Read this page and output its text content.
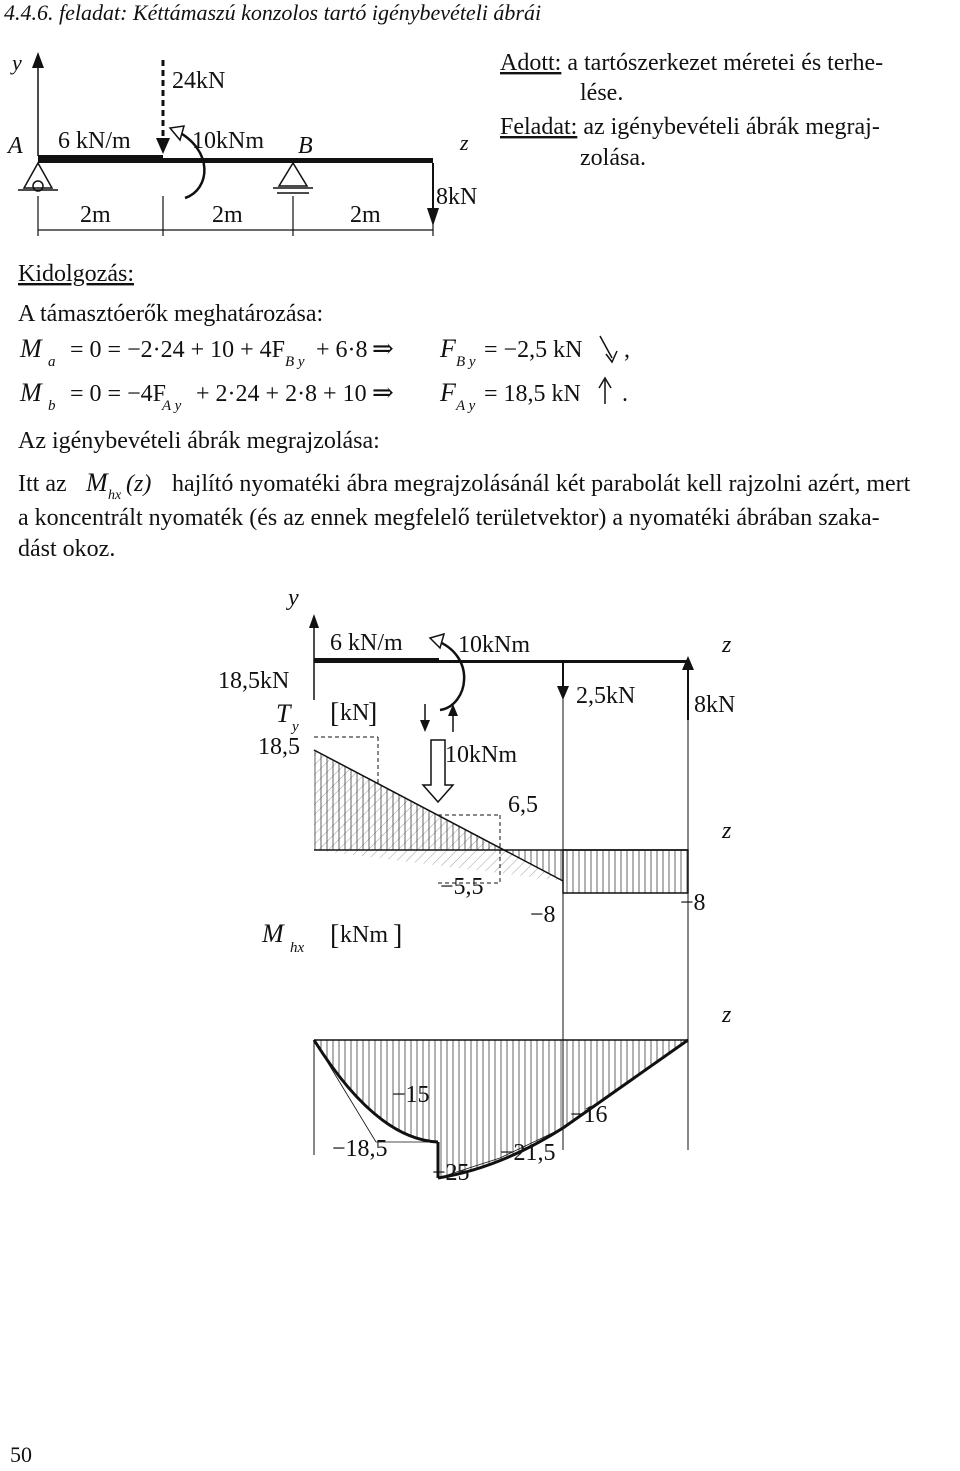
4.4.6. feladat: Kéttámaszú konzolos tartó igénybevételi ábrái
y
A 6 kN/m
24kN
10kNm B	z
8kN
2m	2m	2m
Adott: a tartószerkezet méretei és terhe-
lése.
Feladat: az igénybevételi ábrák megraj-
zolása.
Kidolgozás:
A támasztóerők meghatározása:
M a = 0 = −2·24 + 10 + 4F B y + 6·8 ⇒ F B y = −2,5 kN ,
M b = 0 = −4F
A y + 2·24 + 2·8 + 10 ⇒ F A y = 18,5 kN .
Az igénybevételi ábrák megrajzolása:
Itt az M hx (z) hajlító nyomatéki ábra megrajzolásánál két parabolát kell rajzolni azért, mert
a koncentrált nyomaték (és az ennek megfelelő területvektor) a nyomatéki ábrában szaka-
dást okoz.
y
6 kN/m 10kNm
18,5kN
2,5kN 8kN
z
T y
18,5
[ kN
]
10kNm
6,5
−5,5
−8	−8
z
M hx [ kNm ]
z
−15
−18,5
−25
−21,5
−16
50
